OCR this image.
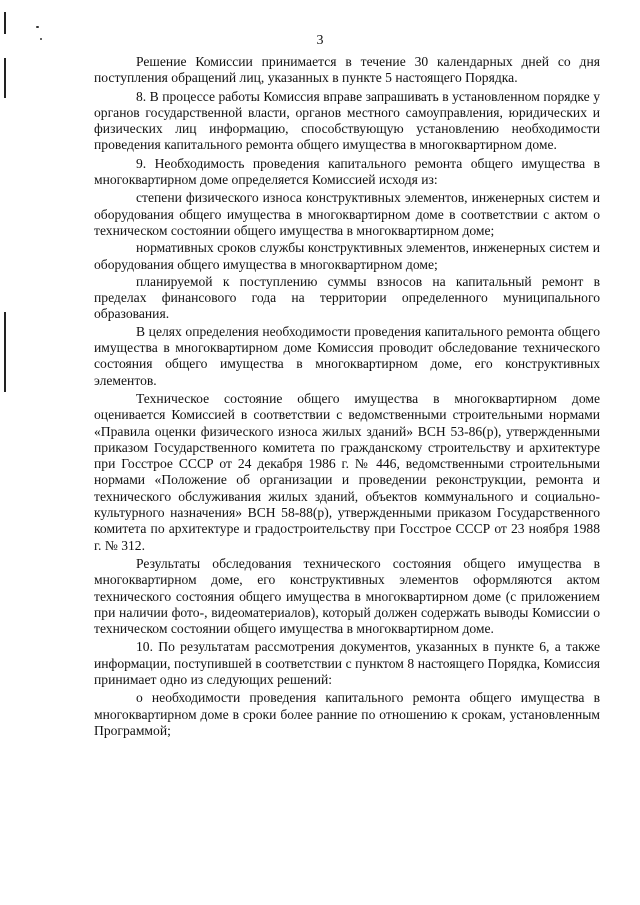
3

Решение Комиссии принимается в течение 30 календарных дней со дня поступления обращений лиц, указанных в пункте 5 настоящего Порядка.

8. В процессе работы Комиссия вправе запрашивать в установленном порядке у органов государственной власти, органов местного самоуправления, юридических и физических лиц информацию, способствующую установлению необходимости проведения капитального ремонта общего имущества в многоквартирном доме.

9. Необходимость проведения капитального ремонта общего имущества в многоквартирном доме определяется Комиссией исходя из:

степени физического износа конструктивных элементов, инженерных систем и оборудования общего имущества в многоквартирном доме в соответствии с актом о техническом состоянии общего имущества в многоквартирном доме;

нормативных сроков службы конструктивных элементов, инженерных систем и оборудования общего имущества в многоквартирном доме;

планируемой к поступлению суммы взносов на капитальный ремонт в пределах финансового года на территории определенного муниципального образования.

В целях определения необходимости проведения капитального ремонта общего имущества в многоквартирном доме Комиссия проводит обследование технического состояния общего имущества в многоквартирном доме, его конструктивных элементов.

Техническое состояние общего имущества в многоквартирном доме оценивается Комиссией в соответствии с ведомственными строительными нормами «Правила оценки физического износа жилых зданий» ВСН 53-86(р), утвержденными приказом Государственного комитета по гражданскому строительству и архитектуре при Госстрое СССР от 24 декабря 1986 г. № 446, ведомственными строительными нормами «Положение об организации и проведении реконструкции, ремонта и технического обслуживания жилых зданий, объектов коммунального и социально-культурного назначения» ВСН 58-88(р), утвержденными приказом Государственного комитета по архитектуре и градостроительству при Госстрое СССР от 23 ноября 1988 г. № 312.

Результаты обследования технического состояния общего имущества в многоквартирном доме, его конструктивных элементов оформляются актом технического состояния общего имущества в многоквартирном доме (с приложением при наличии фото-, видеоматериалов), который должен содержать выводы Комиссии о техническом состоянии общего имущества в многоквартирном доме.

10. По результатам рассмотрения документов, указанных в пункте 6, а также информации, поступившей в соответствии с пунктом 8 настоящего Порядка, Комиссия принимает одно из следующих решений:

о необходимости проведения капитального ремонта общего имущества в многоквартирном доме в сроки более ранние по отношению к срокам, установленным Программой;
